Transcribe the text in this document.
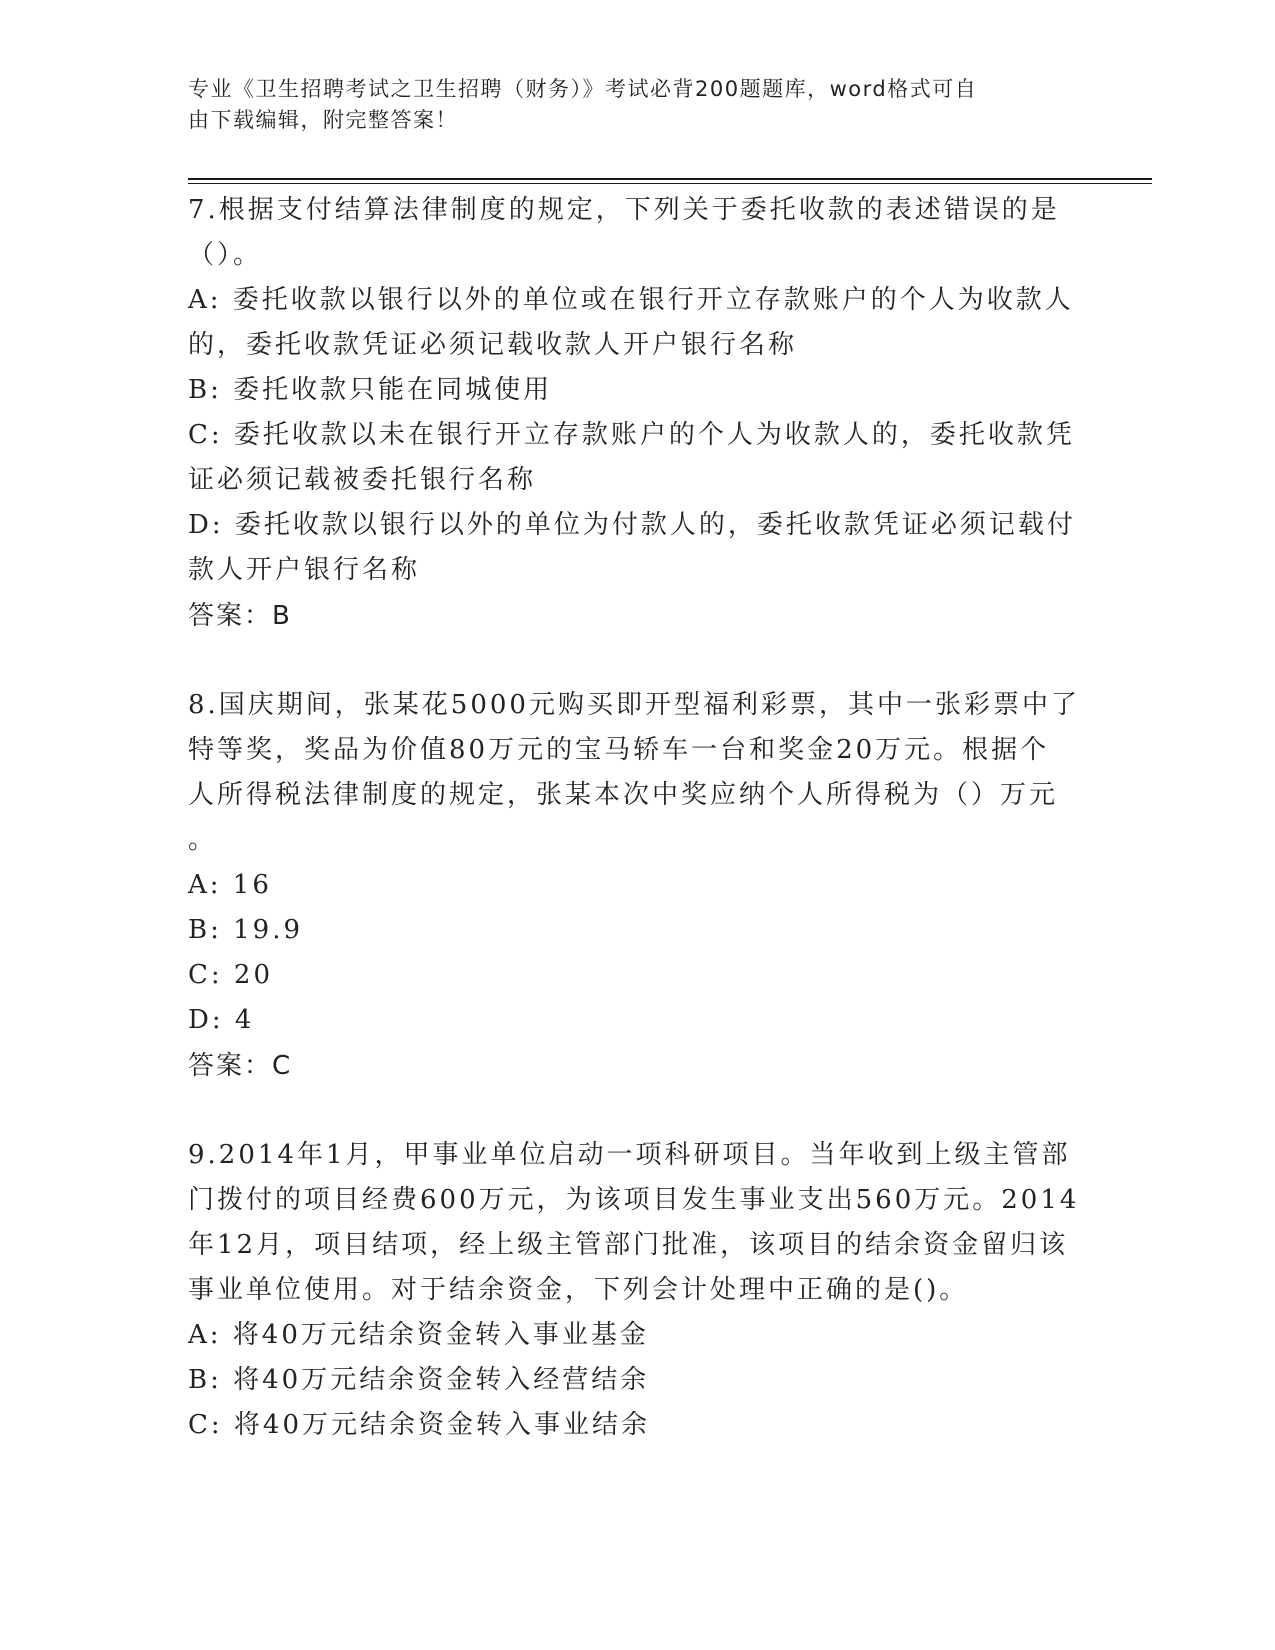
专业《卫生招聘考试之卫生招聘（财务）》考试必背200题题库，word格式可自
由下载编辑，附完整答案！

7.根据支付结算法律制度的规定，下列关于委托收款的表述错误的是

（）。

A: 委托收款以银行以外的单位或在银行开立存款账户的个人为收款人

的，委托收款凭证必须记载收款人开户银行名称

B: 委托收款只能在同城使用

C: 委托收款以未在银行开立存款账户的个人为收款人的，委托收款凭

证必须记载被委托银行名称

D: 委托收款以银行以外的单位为付款人的，委托收款凭证必须记载付

款人开户银行名称

答案：B

8.国庆期间，张某花5000元购买即开型福利彩票，其中一张彩票中了

特等奖，奖品为价值80万元的宝马轿车一台和奖金20万元。根据个

人所得税法律制度的规定，张某本次中奖应纳个人所得税为（）万元

。

A: 16

B: 19.9

C: 20

D: 4

答案：C

9.2014年1月，甲事业单位启动一项科研项目。当年收到上级主管部

门拨付的项目经费600万元，为该项目发生事业支出560万元。2014

年12月，项目结项，经上级主管部门批准，该项目的结余资金留归该

事业单位使用。对于结余资金，下列会计处理中正确的是()。

A: 将40万元结余资金转入事业基金

B: 将40万元结余资金转入经营结余

C: 将40万元结余资金转入事业结余
